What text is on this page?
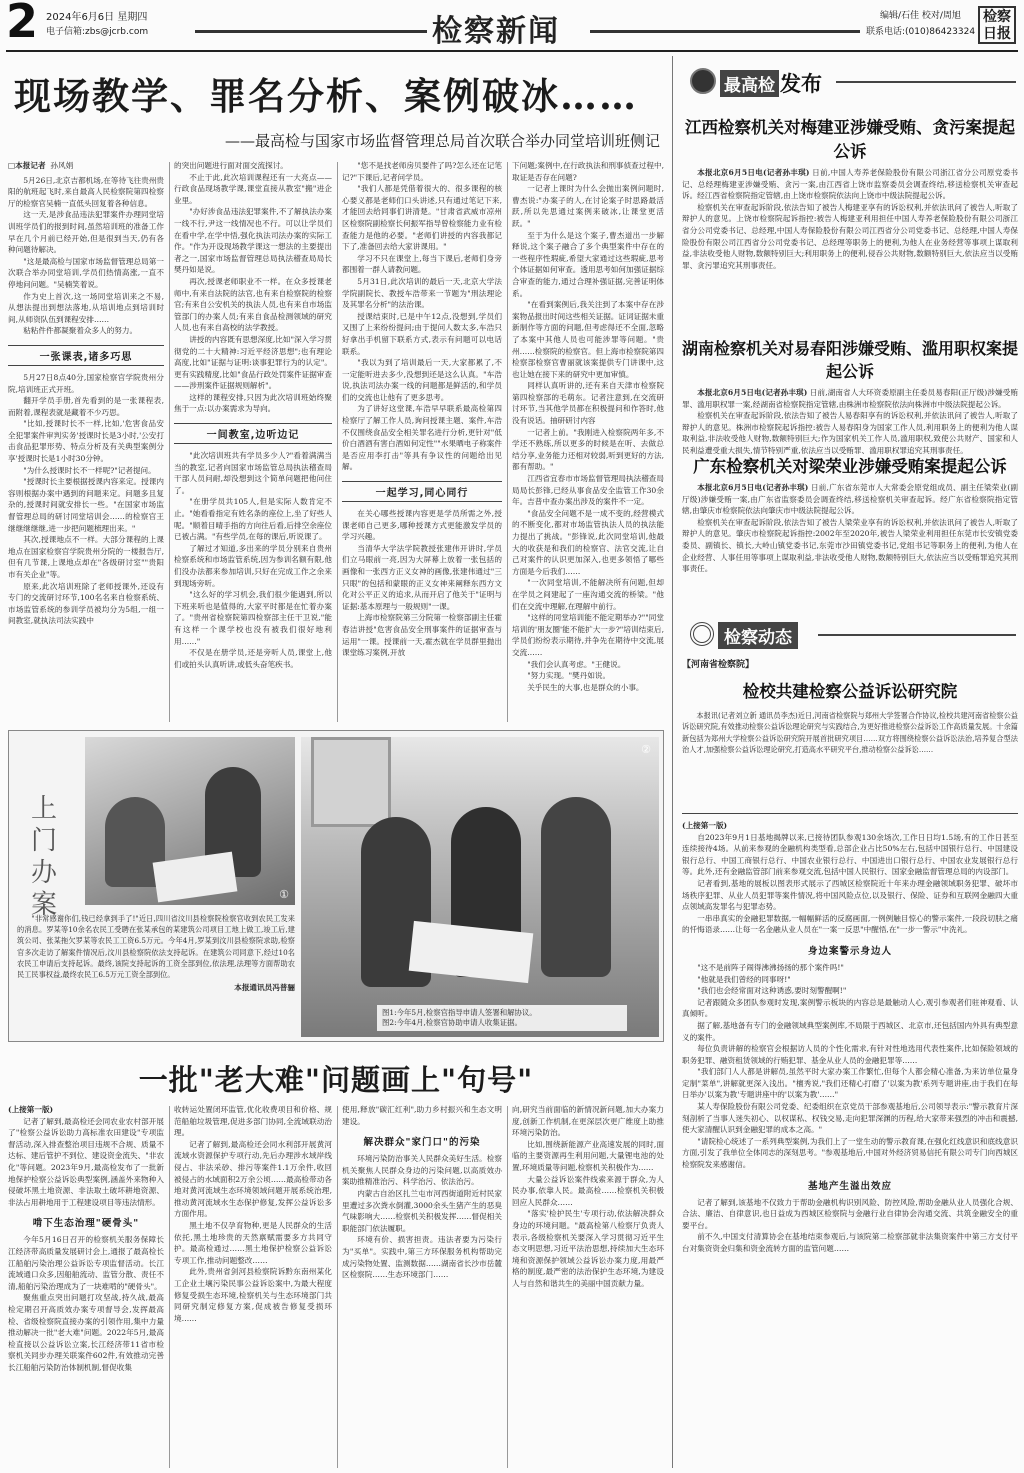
2 2024年6月6日 星期四
电子信箱:zbs@jcrb.com	检察新闻	编辑/石佳 校对/周旭
联系电话:(010)86423324
检察日报
现场教学、罪名分析、案例破冰……
——最高检与国家市场监督管理总局首次联合举办同堂培训班侧记
□本报记者 孙风娟

5月26日,北京吉都机场,在等待飞往贵州贵阳的航班起飞时,来自最高人民检察院第四检察厅的检察官吴楠一直低头回复着各种信息。

这一天,是涉食品违法犯罪案件办理同堂培训班学员们的报到时间,虽然培训班的准备工作早在几个月前已经开始,但是很到当天,仍有各种问题待解决。

"这是最高检与国家市场监督管理总局第一次联合举办同堂培训,学员们热情高涨,一直不停地问问题。"吴楠笑着说。

作为史上首次,这一场同堂培训来之不易,从想法提出到想法落地,从培训地点到培训时间,从师资队伍到课程安排……

粘粘件件都凝聚着众多人的努力。

一张课表,诸多巧思

5月27日8点40分,国家检察官学院贵州分院,培训班正式开班。

翻开学员手册,首先看到的是一张课程表,而附着,课程表就是藏着不少巧思。

"比如,授课时长不一样,比如,'危害食品安全犯罪案件审判实务'授课时长是3小时,'公安打击食品犯罪形势、特点分析及有关典型案例分享'授课时长是1小时30分钟。

"为什么授课时长不一样呢?"记者提问。

"授课时长主要根据授课内容来定。授课内容则根据办案中遇到的问题来定。问题多且复杂的,授课时间就安排长一些。"在国家市场监督管理总局的研讨同堂培训会……的检察官王继继继继继,进一步把问题梳理出来。"

其次,授课地点不一样。大部分课程的上课地点在国家检察官学院贵州分院的一楼报告厅,但有几节课,上课地点却在"各级研讨室""贵阳市有关企业"等。

原来,此次培训班除了老师授课外,还设有专门的交流研讨环节,100名名来自检察系统、市场监管系统的参训学员被均分为5组,一组一间教室,就执法司法实践中

的突出问题进行面对面交流探讨。

不止于此,此次培训课程还有一大亮点——行政食品现场教学课,课堂直接从教室"搬"进企业里。

"办好涉食品违法犯罪案件,不了解执法办案一线不行,尹这一线情况也不行。可以让学员们在看中学,在学中悟,强化执法司法办案的实际工作。"作为开设现场教学课这一想法的主要提出者之一,国家市场监督管理总局执法稽查局局长樊丹如是说。

再次,授课老师职业不一样。在众多授课老师中,有来自法院的法官,也有来自检察院的检察官;有来自公安机关的执法人员,也有来自市场监管部门的办案人员;有来自食品检测领域的研究人员,也有来自高校的法学教授。

讲授的内容既有思想深度,比如"深入学习贯彻党的二十大精神:习近平经济思想";也有理论高度,比如"证据与证明:谈事犯罪行为的认定"。更有实践精度,比如"食品行政处罚案件证据审查——涉刑案件证据规则解析"。

这样的课程安排,只因为此次培训班始终聚焦于一点:以办案需求为导向。

一间教室,边听边记

"此次培训班共有学员多少人?"看着满满当当的教室,记者向国家市场监管总局执法稽查局干部人员问耐,却没想到这个简单问题把他问住了。

"在册学员共105人,但是实际人数肯定不止。"她看看指定有姓名条的座位上,坐了好些人呢。"顺着目晴手指的方向往后看,后排空余座位已被占满。"有些学员,在每的课后,听说课了。

了解过才知道,多出来的学员分别来自贵州检察系统和市场监管系统,因为参训名额有限,他们没办法都来参加培训,只好在完成工作之余来到现场旁听。

"这么好的学习机会,我们很少能遇到,所以下班来听也是值得的,大家平时都是在忙着办案了。"贵州省检察院第四检察部主任干卫说,"能有这样一个课学校也没有被我们很好地利用……"

不仅是在册学员,还是旁听人员,课堂上,他们或拍头认真听讲,或低头奋笔疾书。

"您不是找老师房贝要件了吗?怎么还在记笔记?"下课后,记者问学员。

"我们人都是凭借着很大的、很多课程的核心要义都是老师们口头讲述,只有通过笔记下来,才能回去给同事们讲清楚。"甘肃省武威市凉州区检察院副检察长何振军指导曾检察能力业有检查能力是他的必要。"老师们讲授的内容我都记下了,准备回去给大家讲课用。"

学习不只在课堂上,每当下课后,老师们身旁都围着一群人请教问题。

5月31日,此次培训的最后一天,北京大学法学院副院长、教授车浩带来一节题为"刑法理论及其罪名分析"的法治课。

授课结束时,已是中午12点,没想到,学员们又围了上来纷纷提问;由于提问人数太多,车浩只好拿出手机留下联系方式,表示有问题可以电话联系。

"我以为到了培训最后一天,大家都累了,不一定能听进去多少,没想到还是这么认真。"车浩说,执法司法办案一线的问题都是鲜活的,和学员们的交流也让他有了更多思考。

为了讲好这堂课,车浩早早联系最高检第四检察厅了解工作人员,询问授课主题、案件,车浩不仅围绕食品安全相关罪名进行分析,更针对"低价白酒酒有害白酒如何定性""水果晒电子称案件是否应用李打击"等具有争议性的问题给出见解。

一起学习,同心同行

在关心哪些授课内容更是学员所需之外,授课老师自己更多,哪种授课方式更能激发学员的学习兴趣。

当清华大学法学院教授张建伟开讲时,学员们立马眼前一亮,因为大屏幕上放着一张包括的画像和一张西方正义女神的画像,张建伟通过"三只眼"的包括和蒙眼的正义女神来阐释东西方文化对公平正义的追求,从而开启了他关于"证明与证据:基本原理与一般规则"一课。

上海市检察院第三分院第一检察部副主任霍春洁讲授"危害食品安全刑事案件的证据审查与运用"一课。授课前一天,霍杰就在学员群里抛出课堂练习案例,开放

下问题;案例中,在行政执法和刑事侦查过程中,取证是否存在问题?

一记者上课时为什么会抛出案例问题时,曹杰说:"办案子的人,在讨论案子时思路最活跃,所以先思通过案例来破冰,让课堂更活跃。"

至于为什么是这个案子,曹杰道出一步解释说,这个案子融合了多个典型案件中存在的一些程序性瑕疵,希望大家通过这些瑕疵,思考个体证据如何审查。透用思考如何加强证据综合审查的能力,通过合理补强证据,完善证明体系。

"在看到案例后,我关注到了本案中存在涉案物品报出时间这些相关证据。证词证据未重新制作等方面的问题,但考虑得还不全面,忽略了本案中其他人员也可能涉罪等问题。"贵州……检察院的检察官。但上海市检察院第四检察部检察官曹丽就该案提供专门讲课中,这也让她在接下来的研究中更加审慎。

同样认真听讲的,还有来自天津市检察院第四检察部的毛萌东。记者注意到,在交流研讨环节,当其他学员都在积极提问和作答时,他没有说话。抽研研讨内容

一记者上前。"我刚进入检察院两年多,不学还不熟练,所以更多的时候是在听、去做总结分享,业务能力还相对较弱,听到更好的方法,都有帮助。"

江西省宜春市市场监督管理局执法稽查局局局长彭锋,已经从事食品安全监管工作30余年。吉普中查办案出涉及的案件不一定。

"食品安全问题不是一成不变的,经营模式的不断变化,都对市场监管执法人员的执法能力提出了挑战。"彭锋说,此次同堂培训,他最大的收获是和我们的检察官、法官交流,让自己对案件的认识更加深入,也更多领悟了哪些方面是今后我们……

"一次同堂培训,不能解决所有问题,但却在学员之间建起了一座沟通交流的桥梁。"他们在交流中理解,在理解中前行。

"这样的同堂培训能不能定期举办?""同堂培训的'朋友圈'能不能扩大一步?"培训结束后,学员们纷纷表示期待,并争先在期待中交流,展交流……

"我们会认真考虑。"王健说。

"努力实现。"樊丹如说。

关乎民生的大事,也是群众的小事。

上门
办案	①
图1:今年5月,检察官指导申请人签署和解协议。
图2:今年4月,检察官协助申请人收集证据。
②

"非常感谢你们,钱已经拿到手了!"近日,四川省汶川县检察院检察官收到农民工发来的消息。罗某等10余名农民工受聘在张某承包的某建筑公司项目工地上做工,竣工后,建筑公司、张某拖欠罗某等农民工工资6.5万元。今年4月,罗某到汶川县检察院求助,检察官多次走访了解案件情况后,汶川县检察院依法支持起诉。在建筑公司同意下,经过10名农民工申请后支持起诉。最终,该院支持起诉的工资全部到位,依法理,法理等方面帮助农民工民事权益,最终农民工6.5万元工资全部到位。

本报通讯员冯普骊
一批"老大难"问题画上"句号"
(上接第一版)

记者了解到,最高检还会同农业农村部开展了"检察公益诉讼助力高标准农田建设"专项监督活动,深入排查整治项目违规不合规、质量不达标、建后管护不到位、建设资金流失、"非农化"等问题。2023年9月,最高检发布了一批新地保护检察公益诉讼典型案例,涵盖外来物种入侵破坏黑土地资源、非法取土破坏耕地资源、非法占用耕地用于工程建设项目等违法情形。

啃下生态治理"硬骨头"

今年5月16日召开的检察机关服务保障长江经济带高质量发展研讨会上,通报了最高检长江船舶污染治理公益诉讼专项监督活动。长江流域通口众多,因船舶流动、监管分散、责任不清,船舶污染治理成为了一块难啃的"硬骨头"。

聚焦重点突出问题打攻坚战,持久战,最高检定期召开高质效办案专项督导会,发挥最高检、省级检察院直接办案的引领作用,集中力量推动解决一批"老大难"问题。2022年5月,最高检直接以公益诉讼立案,长江经济带11省市检察机关同步办理关联案件602件,有效推动完善长江船舶污染防治体制机制,督促收集

收转运处置闭环监管,优化收费项目和价格、规范船舶垃圾管理,促进多部门协同,全流域联动治理。

记者了解到,最高检还会同水利部开展黄河流域水资源保护专项行动,先后办理涉水域岸线侵占、非法采砂、排污等案件1.1万余件,收回被侵占的水域面积2万余公顷……最高检带动各地对黄河流域生态环境领域问题开展系统治理,推动黄河流域水生态保护修复,发挥公益诉讼多方面作用。

黑土地不仅孕育物种,更是人民群众的生活依托,黑土地珍贵的天然禀赋需要多方共同守护。最高检通过……黑土地保护检察公益诉讼专项工作,推动问题整改……

此外,贵州省剑河县检察院诉黔东南州某化工企业土壤污染民事公益诉讼案中,为最大程度修复受损生态环境,检察机关与生态环境部门共同研究制定修复方案,促成被告修复受损环境……

使用,释放"碳汇红利",助力乡村振兴和生态文明建设。

解决群众"家门口"的污染

环境污染防治事关人民群众美好生活。检察机关聚焦人民群众身边的污染问题,以高质效办案助推精准治污、科学治污、依法治污。

内蒙古自治区扎兰屯市河西街道附近村民家里遭过多次粪水倒灌,3000余头生猪产生的恶臭气味影响大……检察机关积极发挥……督促相关职能部门依法履职。

环境有价、损害担责。违法者要为污染行为"买单"。实践中,第三方环保服务机构帮助完成污染物处置、监测数据……湖南省长沙市岳麓区检察院……生态环境部门……

向,研究当前面临的新情况新问题,加大办案力度,创新工作机制,在更深层次更广维度上助推环境污染防治。

比如,围绕新能源产业高速发展的同时,面临的主要资源再生利用问题,大量锂电池的处置,环境质量等问题,检察机关积极作为……

大量公益诉讼案件线索来源于群众,为人民办事,依靠人民。最高检……检察机关积极回应人民群众……

"落实'检护民生'专项行动,依法解决群众身边的环境问题。"最高检第八检察厅负责人表示,各级检察机关要深入学习贯彻习近平生态文明思想,习近平法治思想,持续加大生态环境和资源保护领域公益诉讼办案力度,用最严格的制度,最严密的法治保护生态环境,为建设人与自然和谐共生的美丽中国贡献力量。

最高检 发布
江西检察机关对梅建亚涉嫌受贿、贪污案提起公诉

本报北京6月5日电(记者孙丰琪) 日前,中国人寿养老保险股份有限公司浙江省分公司原党委书记、总经理梅建亚涉嫌受贿、贪污一案,由江西省上饶市监察委员会调查终结,移送检察机关审查起诉。经江西省检察院指定管辖,由上饶市检察院依法向上饶市中级法院提起公诉。

检察机关在审查起诉阶段,依法告知了被告人梅建亚享有的诉讼权利,并依法讯问了被告人,听取了辩护人的意见。上饶市检察院起诉指控:被告人梅建亚利用担任中国人寿养老保险股份有限公司浙江省分公司党委书记、总经理,中国人寿保险股份有限公司江西省分公司党委书记、总经理,中国人寿保险股份有限公司江西省分公司党委书记、总经理等职务上的便利,为他人在业务经营等事项上谋取利益,非法收受他人财物,数额特别巨大;利用职务上的便利,侵吞公共财物,数额特别巨大,依法应当以受贿罪、贪污罪追究其刑事责任。

湖南检察机关对易春阳涉嫌受贿、滥用职权案提起公诉

本报北京6月5日电(记者孙丰琪) 日前,湖南省人大环资委原副主任委员易春阳(正厅级)涉嫌受贿罪、滥用职权罪一案,经湖南省检察院指定管辖,由株洲市检察院依法向株洲市中级法院提起公诉。

检察机关在审查起诉阶段,依法告知了被告人易春阳享有的诉讼权利,并依法讯问了被告人,听取了辩护人的意见。株洲市检察院起诉指控:被告人易春阳身为国家工作人员,利用职务上的便利为他人谋取利益,非法收受他人财物,数额特别巨大;作为国家机关工作人员,滥用职权,致使公共财产、国家和人民利益遭受重大损失,情节特别严重,依法应当以受贿罪、滥用职权罪追究其刑事责任。

广东检察机关对梁荣业涉嫌受贿案提起公诉

本报北京6月5日电(记者孙丰琪) 日前,广东省东莞市人大常委会原党组成员、副主任梁荣业(副厅级)涉嫌受贿一案,由广东省监察委员会调查终结,移送检察机关审查起诉。经广东省检察院指定管辖,由肇庆市检察院依法向肇庆市中级法院提起公诉。

检察机关在审查起诉阶段,依法告知了被告人梁荣业享有的诉讼权利,并依法讯问了被告人,听取了辩护人的意见。肇庆市检察院起诉指控:2002年至2020年,被告人梁荣业利用担任东莞市长安镇党委委员、副镇长、镇长,大岭山镇党委书记,东莞市沙田镇党委书记,党组书记等职务上的便利,为他人在企业经营、人事任用等事项上谋取利益,非法收受他人财物,数额特别巨大,依法应当以受贿罪追究其刑事责任。

检察动态
【河南省检察院】
检校共建检察公益诉讼研究院

本报讯(记者刘立新 通讯员李杰)近日,河南省检察院与郑州大学签署合作协议,检校共建河南省检察公益诉讼研究院,有效推动检察公益诉讼理论研究与实践结合,为更好推进检察公益诉讼工作高质量发展。十余篇新包括为郑州大学检察公益诉讼研究院开展首批研究项目……双方将围绕检察公益诉讼法治,培养复合型法治人才,加强检察公益诉讼理论研究,打造高水平研究平台,推动检察公益诉讼……

(上接第一版)

自2023年9月1日基地揭牌以来,已接待团队参观130余场次,工作日日均1.5场,有的工作日甚至连续接待4场。从前来参观的金融机构类型看,总部企业占比50%左右,包括中国银行总行、中国建设银行总行、中国工商银行总行、中国农业银行总行、中国进出口银行总行、中国农业发展银行总行等。此外,还有金融监管部门前来参观交流,包括中国人民银行、国家金融监督管理总局的内设部门。

记者看到,基地的展板以图表形式展示了西城区检察院近十年来办理金融领域职务犯罪、破坏市场秩序犯罪、从业人员犯罪等案件情况,将中国风险点位,以及银行、保险、证券和互联网金融四大重点领域高发罪名与犯罪态势。

一串串真实的金融犯罪数据,一幅幅鲜活的反腐画面,一例例触目惊心的警示案件,一段段切肤之痛的忏悔语录……让每一名金融从业人员在"一案一反思"中醒悟,在"一步一警示"中洗礼。

身边案警示身边人

"这不是前阵子闹得沸沸扬扬的那个案件吗!"

"他就是我们曾经的同事呀!"

"我们也会经常面对这种诱惑,要时刻警醒啊!"

记者跟随众多团队参观时发现,案例警示板块的内容总是最触动人心,观引参观者们驻神观看、认真倾听。

据了解,基地备有专门的金融领域典型案例库,不局限于西城区、北京市,还包括国内外具有典型意义的案件。

每位负责讲解的检察官会根据访人员的个性化需求,有针对性地选用代表性案件,比如保险领域的职务犯罪、融资租赁领域的行贿犯罪、基金从业人员的金融犯罪等……

"我们部门人人都是讲解员,虽然平时大家办案工作繁忙,但每个人都会精心准备,为来访单位量身定制"菜单",讲解就更深入浅出。"檀秀说,"我们还精心打磨了'以案为教'系列专题讲座,由于我们在每日举办'以案为教'专题讲座中的'以案为教'……"

某人寿保险股份有限公司党委、纪委组织在京党员干部参观基地后,公司领导表示:"警示教育片深刻剖析了当事人迷失初心、以权谋私、权钱交易,走向犯罪深渊的历程,给大家带来强烈的冲击和震撼,使大家清醒认识到金融犯罪的成本之高。"

"请院检心统述了一系列典型案例,为我们上了一堂生动的警示教育课,在强化红线意识和底线意识方面,引发了我单位全体同志的深刻思考。"参观基地后,中国对外经济贸易信托有限公司专门向西城区检察院发来感谢信。

基地产生溢出效应

记者了解到,该基地不仅致力于帮助金融机构识别风险、防控风险,帮助金融从业人员强化合规、合法、廉洁、自律意识,也日益成为西城区检察院与金融行业自律协会沟通交流、共筑金融安全的重要平台。

前不久,中国支付清算协会在基地结束参观后,与该院第二检察部就非法集资案件中第三方支付平台对集资资金归集和资金流转方面的监管问题……
